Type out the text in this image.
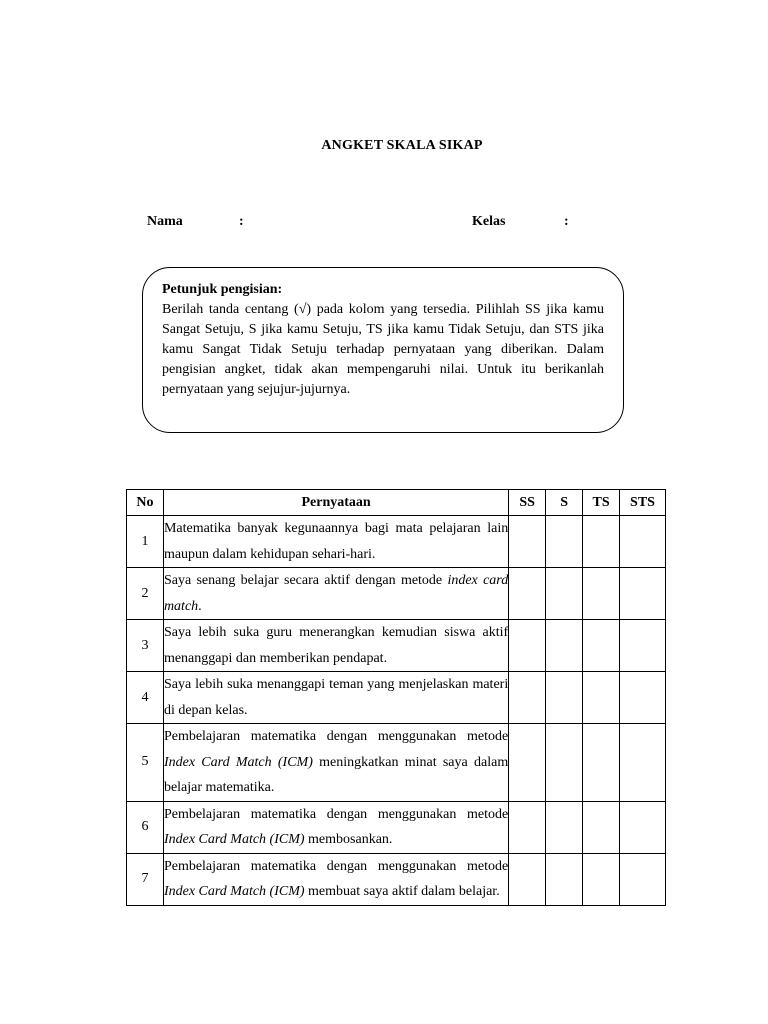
ANGKET SKALA SIKAP
Nama	:	Kelas	:

Petunjuk pengisian:

Berilah tanda centang (√) pada kolom yang tersedia. Pilihlah SS jika kamu Sangat Setuju, S jika kamu Setuju, TS jika kamu Tidak Setuju, dan STS jika kamu Sangat Tidak Setuju terhadap pernyataan yang diberikan. Dalam pengisian angket, tidak akan mempengaruhi nilai. Untuk itu berikanlah pernyataan yang sejujur-jujurnya.

No	Pernyataan	SS	S	TS	STS
1	Matematika banyak kegunaannya bagi mata pelajaran lain maupun dalam kehidupan sehari-hari.				
2	Saya senang belajar secara aktif dengan metode index card match.				
3	Saya lebih suka guru menerangkan kemudian siswa aktif menanggapi dan memberikan pendapat.				
4	Saya lebih suka menanggapi teman yang menjelaskan materi di depan kelas.				
5	Pembelajaran matematika dengan menggunakan metode Index Card Match (ICM) meningkatkan minat saya dalam belajar matematika.				
6	Pembelajaran matematika dengan menggunakan metode Index Card Match (ICM) membosankan.				
7	Pembelajaran matematika dengan menggunakan metode Index Card Match (ICM) membuat saya aktif dalam belajar.				
